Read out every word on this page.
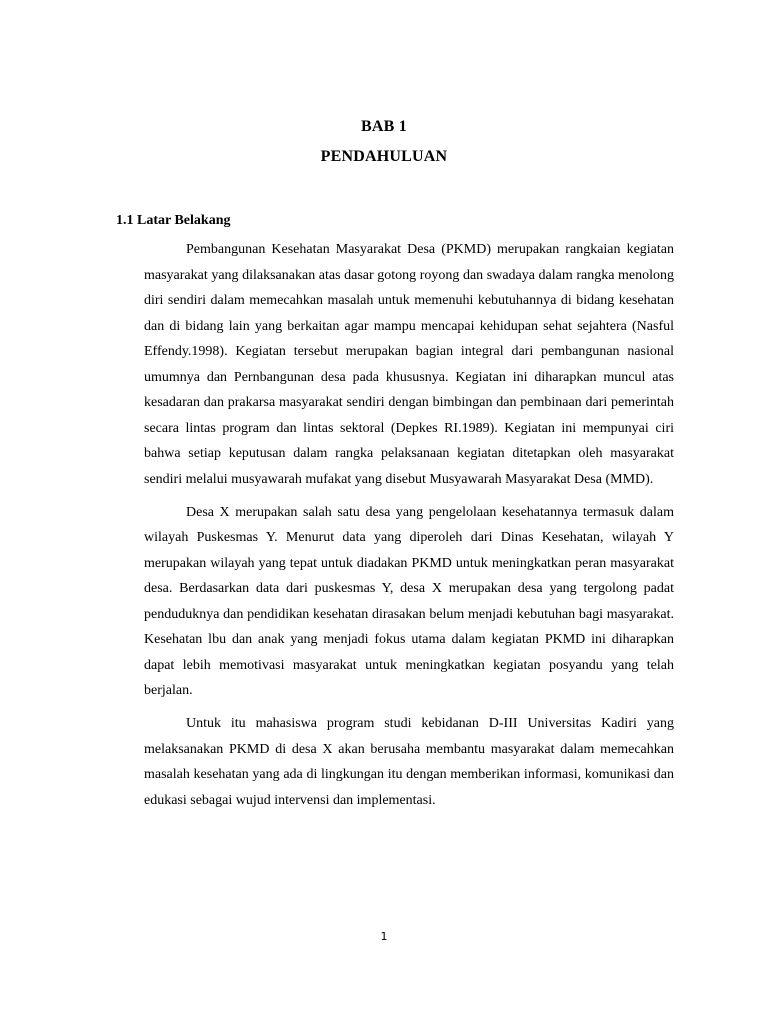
BAB 1
PENDAHULUAN
1.1 Latar Belakang

Pembangunan Kesehatan Masyarakat Desa (PKMD) merupakan rangkaian kegiatan masyarakat yang dilaksanakan atas dasar gotong royong dan swadaya dalam rangka menolong diri sendiri dalam memecahkan masalah untuk memenuhi kebutuhannya di bidang kesehatan dan di bidang lain yang berkaitan agar mampu mencapai kehidupan sehat sejahtera (Nasful Effendy.1998). Kegiatan tersebut merupakan bagian integral dari pembangunan nasional umumnya dan Pernbangunan desa pada khususnya. Kegiatan ini diharapkan muncul atas kesadaran dan prakarsa masyarakat sendiri dengan bimbingan dan pembinaan dari pemerintah secara lintas program dan lintas sektoral (Depkes RI.1989). Kegiatan ini mempunyai ciri bahwa setiap keputusan dalam rangka pelaksanaan kegiatan ditetapkan oleh masyarakat sendiri melalui musyawarah mufakat yang disebut Musyawarah Masyarakat Desa (MMD).

Desa X merupakan salah satu desa yang pengelolaan kesehatannya termasuk dalam wilayah Puskesmas Y. Menurut data yang diperoleh dari Dinas Kesehatan, wilayah Y merupakan wilayah yang tepat untuk diadakan PKMD untuk meningkatkan peran masyarakat desa. Berdasarkan data dari puskesmas Y, desa X merupakan desa yang tergolong padat penduduknya dan pendidikan kesehatan dirasakan belum menjadi kebutuhan bagi masyarakat. Kesehatan lbu dan anak yang menjadi fokus utama dalam kegiatan PKMD ini diharapkan dapat lebih memotivasi masyarakat untuk meningkatkan kegiatan posyandu yang telah berjalan.

Untuk itu mahasiswa program studi kebidanan D-III Universitas Kadiri yang melaksanakan PKMD di desa X akan berusaha membantu masyarakat dalam memecahkan masalah kesehatan yang ada di lingkungan itu dengan memberikan informasi, komunikasi dan edukasi sebagai wujud intervensi dan implementasi.

1
